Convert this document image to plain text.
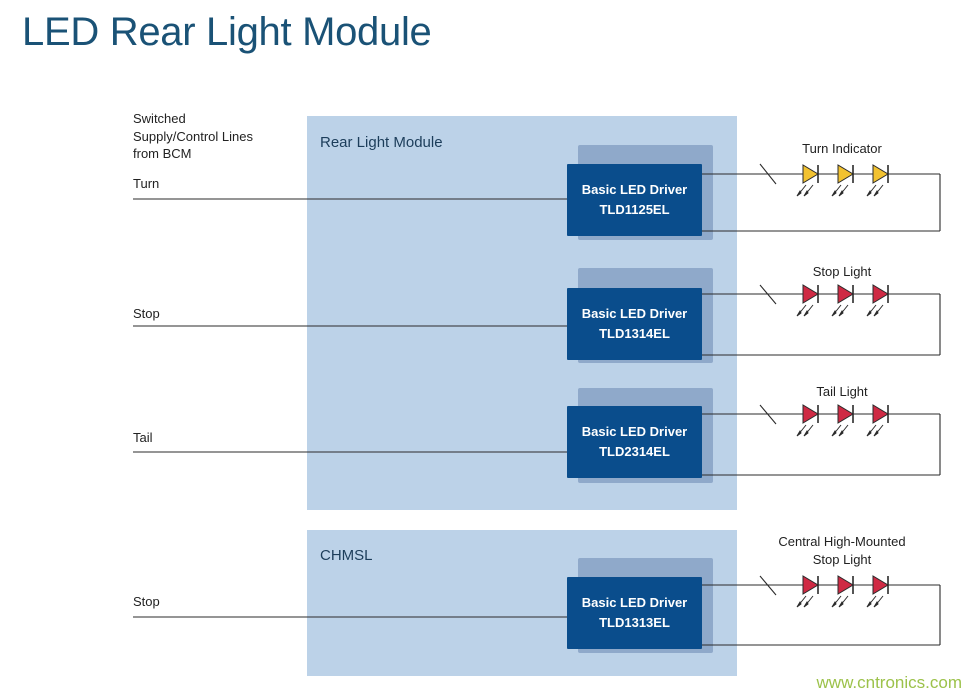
LED Rear Light Module
Rear Light Module
CHMSL
Switched
Supply/Control Lines
from BCM
Turn
Stop
Tail
Stop
Basic LED Driver
TLD1125EL
Basic LED Driver
TLD1314EL
Basic LED Driver
TLD2314EL
Basic LED Driver
TLD1313EL
Turn Indicator
Stop Light
Tail Light
Central High-Mounted
Stop Light
www.cntronics.com
